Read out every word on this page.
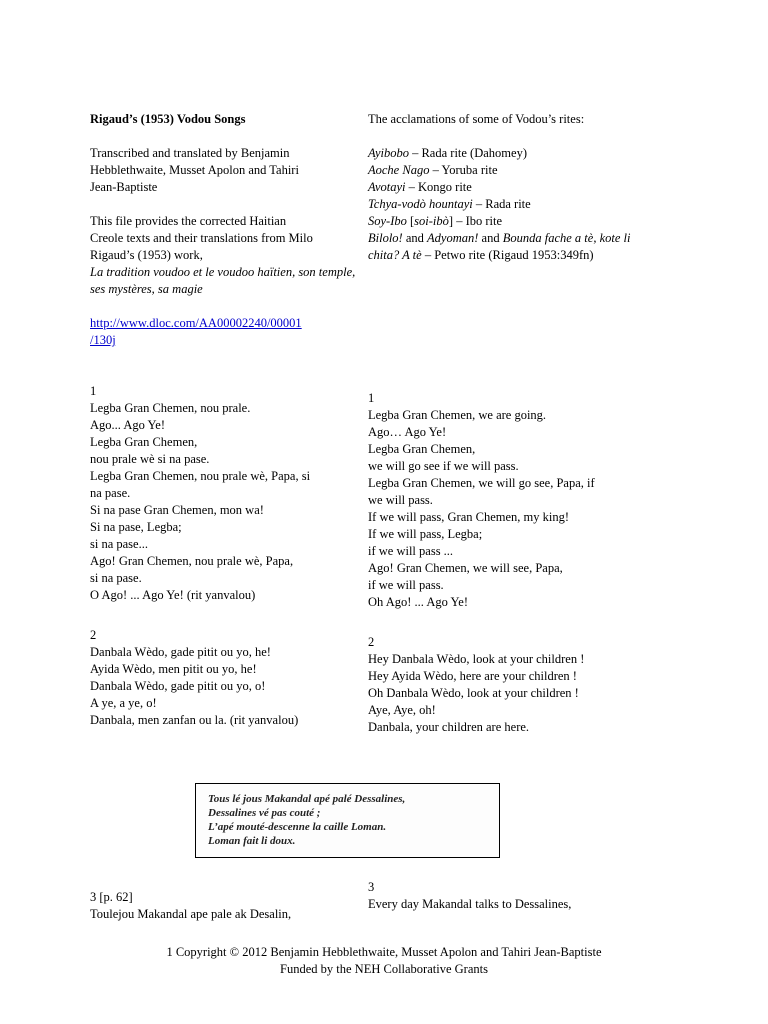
Rigaud’s (1953) Vodou Songs
Transcribed and translated by Benjamin
Hebblethwaite, Musset Apolon and Tahiri
Jean-Baptiste
This file provides the corrected Haitian
Creole texts and their translations from Milo
Rigaud’s (1953) work,
La tradition voudoo et le voudoo haïtien, son temple,
ses mystères, sa magie
http://www.dloc.com/AA00002240/00001
/130j
The acclamations of some of Vodou’s rites:
Ayibobo – Rada rite (Dahomey)
Aoche Nago – Yoruba rite
Avotayi – Kongo rite
Tchya-vodò hountayi – Rada rite
Soy-Ibo [soi-ibò] – Ibo rite
Bilolo! and Adyoman! and Bounda fache a tè, kote li
chita? A tè – Petwo rite (Rigaud 1953:349fn)
1
Legba Gran Chemen, nou prale.
Ago... Ago Ye!
Legba Gran Chemen,
nou prale wè si na pase.
Legba Gran Chemen, nou prale wè, Papa, si
na pase.
Si na pase Gran Chemen, mon wa!
Si na pase, Legba;
si na pase...
Ago! Gran Chemen, nou prale wè, Papa,
si na pase.
O Ago! ... Ago Ye! (rit yanvalou)
1
Legba Gran Chemen, we are going.
Ago… Ago Ye!
Legba Gran Chemen,
we will go see if we will pass.
Legba Gran Chemen, we will go see, Papa, if
we will pass.
If we will pass, Gran Chemen, my king!
If we will pass, Legba;
if we will pass ...
Ago! Gran Chemen, we will see, Papa,
if we will pass.
Oh Ago! ... Ago Ye!
2
Danbala Wèdo, gade pitit ou yo, he!
Ayida Wèdo, men pitit ou yo, he!
Danbala Wèdo, gade pitit ou yo, o!
A ye, a ye, o!
Danbala, men zanfan ou la. (rit yanvalou)
2
Hey Danbala Wèdo, look at your children !
Hey Ayida Wèdo, here are your children !
Oh Danbala Wèdo, look at your children !
Aye, Aye, oh!
Danbala, your children are here.
Tous lé jous Makandal apé palé Dessalines,
Dessalines vé pas couté ;
L’apé mouté-descenne la caille Loman.
Loman fait li doux.
3 [p. 62]
Toulejou Makandal ape pale ak Desalin,
3
Every day Makandal talks to Dessalines,
1 Copyright © 2012 Benjamin Hebblethwaite, Musset Apolon and Tahiri Jean-Baptiste
Funded by the NEH Collaborative Grants
